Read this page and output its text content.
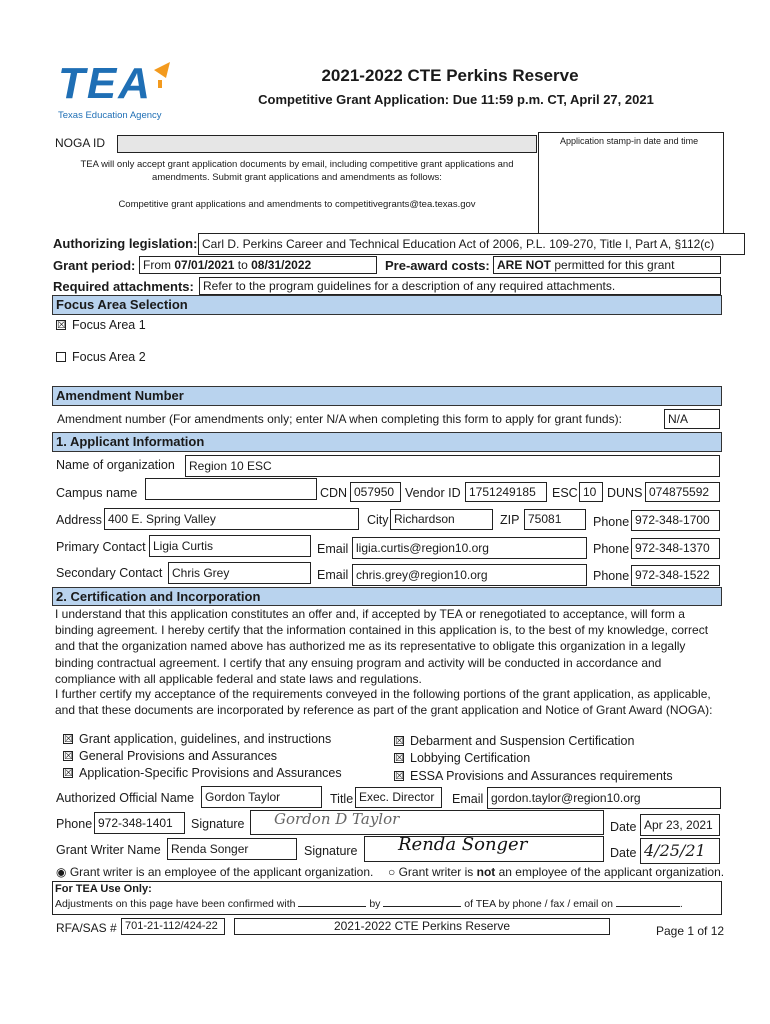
TEA
Texas Education Agency
2021-2022 CTE Perkins Reserve
Competitive Grant Application: Due 11:59 p.m. CT, April 27, 2021
NOGA ID	Application stamp-in date and time
TEA will only accept grant application documents by email, including competitive grant applications and amendments. Submit grant applications and amendments as follows:
Competitive grant applications and amendments to competitivegrants@tea.texas.gov
Authorizing legislation: Carl D. Perkins Career and Technical Education Act of 2006, P.L. 109-270, Title I, Part A, §112(c)
Grant period: From 07/01/2021 to 08/31/2022	Pre-award costs: ARE NOT permitted for this grant
Required attachments: Refer to the program guidelines for a description of any required attachments.
Focus Area Selection
☒ Focus Area 1
Focus Area 2
Amendment Number
Amendment number (For amendments only; enter N/A when completing this form to apply for grant funds):	N/A
1. Applicant Information
Name of organization	Region 10 ESC
Campus name	CDN 057950 Vendor ID 1751249185	ESC 10 DUNS 074875592
Address 400 E. Spring Valley	City Richardson	ZIP 75081	Phone 972-348-1700
Primary Contact Ligia Curtis	Email ligia.curtis@region10.org	Phone 972-348-1370
Secondary Contact Chris Grey	Email chris.grey@region10.org	Phone 972-348-1522
2. Certification and Incorporation
I understand that this application constitutes an offer and, if accepted by TEA or renegotiated to acceptance, will form a binding agreement. I hereby certify that the information contained in this application is, to the best of my knowledge, correct and that the organization named above has authorized me as its representative to obligate this organization in a legally binding contractual agreement. I certify that any ensuing program and activity will be conducted in accordance and compliance with all applicable federal and state laws and regulations.
I further certify my acceptance of the requirements conveyed in the following portions of the grant application, as applicable, and that these documents are incorporated by reference as part of the grant application and Notice of Grant Award (NOGA):
☒ Grant application, guidelines, and instructions
☒ General Provisions and Assurances
☒ Application-Specific Provisions and Assurances
☒ Debarment and Suspension Certification
☒ Lobbying Certification
☒ ESSA Provisions and Assurances requirements
Authorized Official Name Gordon Taylor	Title Exec. Director	Email gordon.taylor@region10.org
Phone 972-348-1401	Signature	Gordon D Taylor	Date Apr 23, 2021
Grant Writer Name Renda Songer	Signature	Renda Songer	Date 4/25/21
◉ Grant writer is an employee of the applicant organization. ○ Grant writer is not an employee of the applicant organization.
For TEA Use Only:
Adjustments on this page have been confirmed with	by	of TEA by phone / fax / email on	.
RFA/SAS # 701-21-112/424-22	2021-2022 CTE Perkins Reserve	Page 1 of 12
